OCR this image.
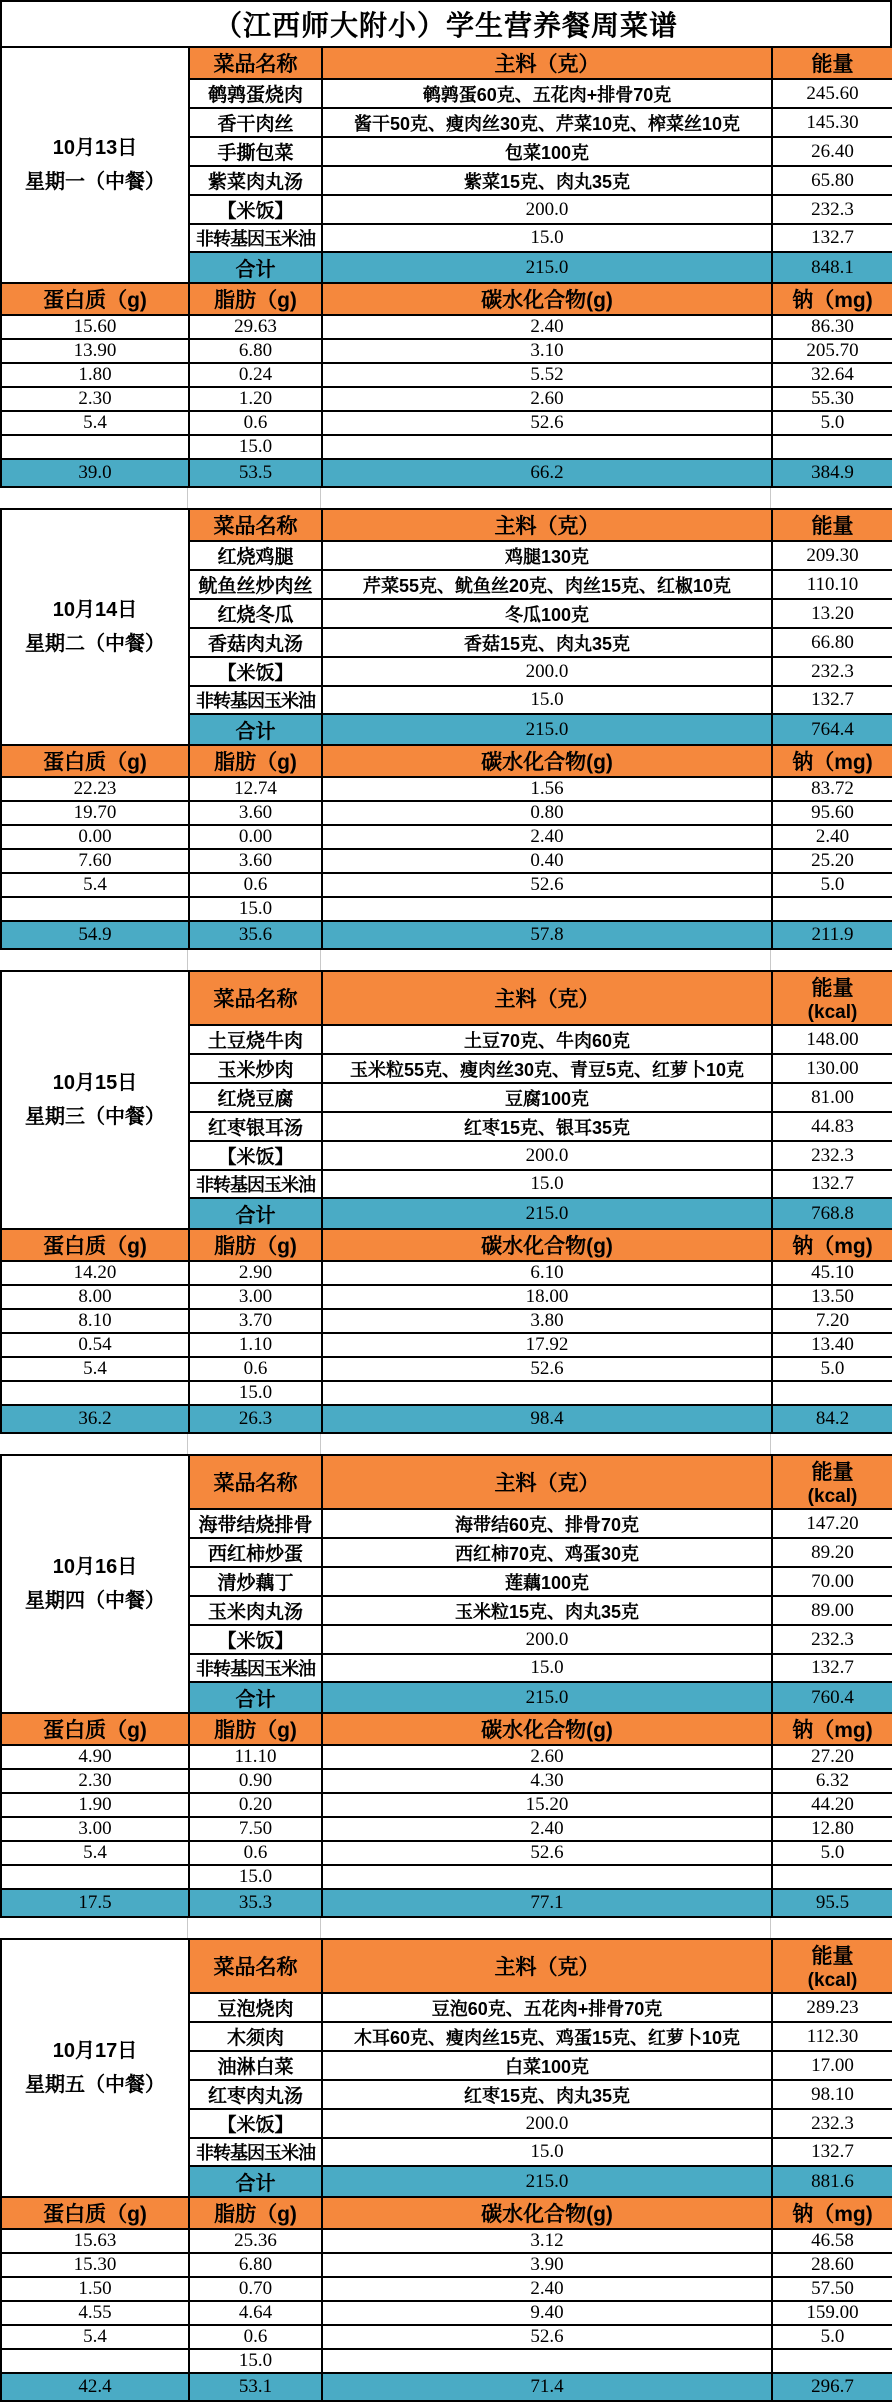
（江西师大附小）学生营养餐周菜谱
10月13日
星期一（中餐）	菜品名称	主料（克）	能量

	鹌鹑蛋烧肉	鹌鹑蛋60克、五花肉+排骨70克	245.60
	香干肉丝	酱干50克、瘦肉丝30克、芹菜10克、榨菜丝10克	145.30
	手撕包菜	包菜100克	26.40
	紫菜肉丸汤	紫菜15克、肉丸35克	65.80
	【米饭】	200.0	232.3
	非转基因玉米油	15.0	132.7
	合计	215.0	848.1
蛋白质（g)	脂肪（g)	碳水化合物(g)	钠（mg)
15.60	29.63	2.40	86.30
13.90	6.80	3.10	205.70
1.80	0.24	5.52	32.64
2.30	1.20	2.60	55.30
5.4	0.6	52.6	5.0
	15.0		
39.0	53.5	66.2	384.9
10月14日
星期二（中餐）	菜品名称	主料（克）	能量

	红烧鸡腿	鸡腿130克	209.30
	鱿鱼丝炒肉丝	芹菜55克、鱿鱼丝20克、肉丝15克、红椒10克	110.10
	红烧冬瓜	冬瓜100克	13.20
	香菇肉丸汤	香菇15克、肉丸35克	66.80
	【米饭】	200.0	232.3
	非转基因玉米油	15.0	132.7
	合计	215.0	764.4
蛋白质（g)	脂肪（g)	碳水化合物(g)	钠（mg)
22.23	12.74	1.56	83.72
19.70	3.60	0.80	95.60
0.00	0.00	2.40	2.40
7.60	3.60	0.40	25.20
5.4	0.6	52.6	5.0
	15.0		
54.9	35.6	57.8	211.9
10月15日
星期三（中餐）
	菜品名称	主料（克）	能量
(kcal)

	土豆烧牛肉	土豆70克、牛肉60克	148.00
	玉米炒肉	玉米粒55克、瘦肉丝30克、青豆5克、红萝卜10克	130.00
	红烧豆腐	豆腐100克	81.00
	红枣银耳汤	红枣15克、银耳35克	44.83
	【米饭】	200.0	232.3
	非转基因玉米油	15.0	132.7
	合计	215.0	768.8
蛋白质（g)	脂肪（g)	碳水化合物(g)	钠（mg)
14.20	2.90	6.10	45.10
8.00	3.00	18.00	13.50
8.10	3.70	3.80	7.20
0.54	1.10	17.92	13.40
5.4	0.6	52.6	5.0
	15.0		
36.2	26.3	98.4	84.2
10月16日
星期四（中餐）
	菜品名称	主料（克）	能量
(kcal)

	海带结烧排骨	海带结60克、排骨70克	147.20
	西红柿炒蛋	西红柿70克、鸡蛋30克	89.20
	清炒藕丁	莲藕100克	70.00
	玉米肉丸汤	玉米粒15克、肉丸35克	89.00
	【米饭】	200.0	232.3
	非转基因玉米油	15.0	132.7
	合计	215.0	760.4
蛋白质（g)	脂肪（g)	碳水化合物(g)	钠（mg)
4.90	11.10	2.60	27.20
2.30	0.90	4.30	6.32
1.90	0.20	15.20	44.20
3.00	7.50	2.40	12.80
5.4	0.6	52.6	5.0
	15.0		
17.5	35.3	77.1	95.5
10月17日
星期五（中餐）
	菜品名称	主料（克）	能量
(kcal)

	豆泡烧肉	豆泡60克、五花肉+排骨70克	289.23
	木须肉	木耳60克、瘦肉丝15克、鸡蛋15克、红萝卜10克	112.30
	油淋白菜	白菜100克	17.00
	红枣肉丸汤	红枣15克、肉丸35克	98.10
	【米饭】	200.0	232.3
	非转基因玉米油	15.0	132.7
	合计	215.0	881.6
蛋白质（g)	脂肪（g)	碳水化合物(g)	钠（mg)
15.63	25.36	3.12	46.58
15.30	6.80	3.90	28.60
1.50	0.70	2.40	57.50
4.55	4.64	9.40	159.00
5.4	0.6	52.6	5.0
	15.0		
42.4	53.1	71.4	296.7
